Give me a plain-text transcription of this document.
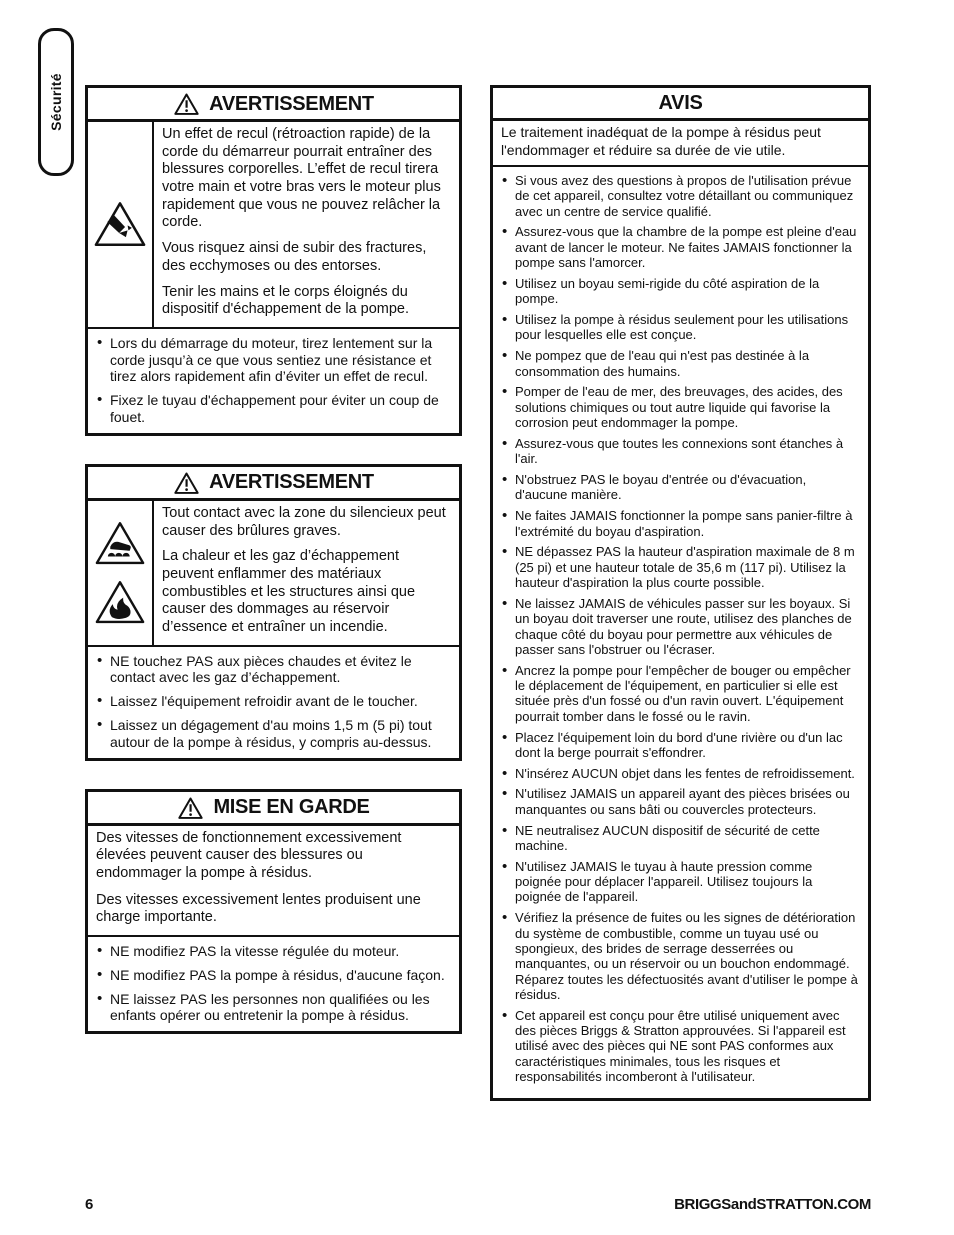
Sécurité	AVERTISSEMENT

Un effet de recul (rétroaction rapide) de la corde du démarreur pourrait entraîner des blessures corporelles. L’effet de recul tirera votre main et votre bras vers le moteur plus rapidement que vous ne pouvez relâcher la corde.

Vous risquez ainsi de subir des fractures, des ecchymoses ou des entorses.

Tenir les mains et le corps éloignés du dispositif d'échappement de la pompe.

• Lors du démarrage du moteur, tirez lentement sur la corde jusqu’à ce que vous sentiez une résistance et tirez alors rapidement afin d’éviter un effet de recul.
• Fixez le tuyau d'échappement pour éviter un coup de fouet.
AVERTISSEMENT

Tout contact avec la zone du silencieux peut causer des brûlures graves.

La chaleur et les gaz d’échappement peuvent enflammer des matériaux combustibles et les structures ainsi que causer des dommages au réservoir d’essence et entraîner un incendie.

• NE touchez PAS aux pièces chaudes et évitez le contact avec les gaz d’échappement.
• Laissez l'équipement refroidir avant de le toucher.
• Laissez un dégagement d'au moins 1,5 m (5 pi) tout autour de la pompe à résidus, y compris au-dessus.
MISE EN GARDE

Des vitesses de fonctionnement excessivement élevées peuvent causer des blessures ou endommager la pompe à résidus.

Des vitesses excessivement lentes produisent une charge importante.

• NE modifiez PAS la vitesse régulée du moteur.
• NE modifiez PAS la pompe à résidus, d'aucune façon.
• NE laissez PAS les personnes non qualifiées ou les enfants opérer ou entretenir la pompe à résidus.
AVIS
Le traitement inadéquat de la pompe à résidus peut l'endommager et réduire sa durée de vie utile.
• Si vous avez des questions à propos de l'utilisation prévue de cet appareil, consultez votre détaillant ou communiquez avec un centre de service qualifié.
• Assurez-vous que la chambre de la pompe est pleine d'eau avant de lancer le moteur. Ne faites JAMAIS fonctionner la pompe sans l'amorcer.
• Utilisez un boyau semi-rigide du côté aspiration de la pompe.
• Utilisez la pompe à résidus seulement pour les utilisations pour lesquelles elle est conçue.
• Ne pompez que de l'eau qui n'est pas destinée à la consommation des humains.
• Pomper de l'eau de mer, des breuvages, des acides, des solutions chimiques ou tout autre liquide qui favorise la corrosion peut endommager la pompe.
• Assurez-vous que toutes les connexions sont étanches à l'air.
• N'obstruez PAS le boyau d'entrée ou d'évacuation, d'aucune manière.
• Ne faites JAMAIS fonctionner la pompe sans panier-filtre à l'extrémité du boyau d'aspiration.
• NE dépassez PAS la hauteur d'aspiration maximale de 8 m (25 pi) et une hauteur totale de 35,6 m (117 pi). Utilisez la hauteur d'aspiration la plus courte possible.
• Ne laissez JAMAIS de véhicules passer sur les boyaux. Si un boyau doit traverser une route, utilisez des planches de chaque côté du boyau pour permettre aux véhicules de passer sans l'obstruer ou l'écraser.
• Ancrez la pompe pour l'empêcher de bouger ou empêcher le déplacement de l'équipement, en particulier si elle est située près d'un fossé ou d'un ravin ouvert. L'équipement pourrait tomber dans le fossé ou le ravin.
• Placez l'équipement loin du bord d'une rivière ou d'un lac dont la berge pourrait s'effondrer.
• N'insérez AUCUN objet dans les fentes de refroidissement.
• N'utilisez JAMAIS un appareil ayant des pièces brisées ou manquantes ou sans bâti ou couvercles protecteurs.
• NE neutralisez AUCUN dispositif de sécurité de cette machine.
• N'utilisez JAMAIS le tuyau à haute pression comme poignée pour déplacer l'appareil. Utilisez toujours la poignée de l'appareil.
• Vérifiez la présence de fuites ou les signes de détérioration du système de combustible, comme un tuyau usé ou spongieux, des brides de serrage desserrées ou manquantes, ou un réservoir ou un bouchon endommagé. Réparez toutes les défectuosités avant d'utiliser le pompe à résidus.
• Cet appareil est conçu pour être utilisé uniquement avec des pièces Briggs & Stratton approuvées. Si l'appareil est utilisé avec des pièces qui NE sont PAS conformes aux caractéristiques minimales, tous les risques et responsabilités incomberont à l'utilisateur.
6	BRIGGSandSTRATTON.COM
